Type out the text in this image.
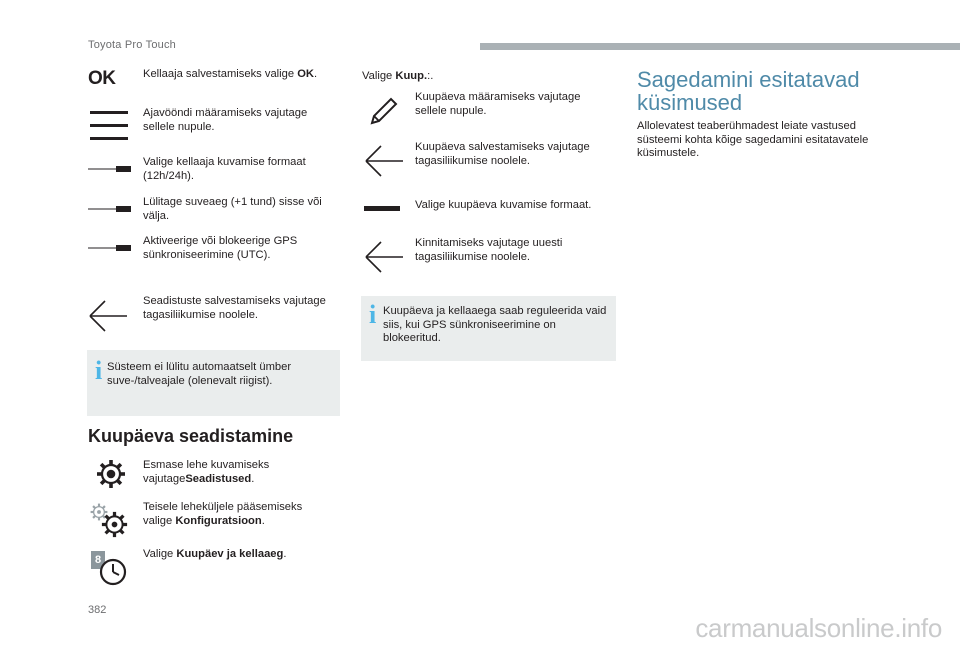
Toyota Pro Touch
OK Kellaaja salvestamiseks valige OK.
Ajavööndi määramiseks vajutage sellele nupule.
Valige kellaaja kuvamise formaat (12h/24h).
Lülitage suveaeg (+1 tund) sisse või välja.
Aktiveerige või blokeerige GPS sünkroniseerimine (UTC).
Seadistuste salvestamiseks vajutage tagasiliikumise noolele.
i Süsteem ei lülitu automaatselt ümber suve-/talveajale (olenevalt riigist).
Kuupäeva seadistamine
Esmase lehe kuvamiseks vajutageSeadistused.
Teisele leheküljele pääsemiseks valige Konfiguratsioon.
8	Valige Kuupäev ja kellaaeg.
Valige Kuup.:.
Kuupäeva määramiseks vajutage sellele nupule.
Kuupäeva salvestamiseks vajutage tagasiliikumise noolele.
Valige kuupäeva kuvamise formaat.
Kinnitamiseks vajutage uuesti tagasiliikumise noolele.
i Kuupäeva ja kellaaega saab reguleerida vaid siis, kui GPS sünkroniseerimine on blokeeritud.
Sagedamini esitatavad
küsimused
Allolevatest teaberühmadest leiate vastused süsteemi kohta kõige sagedamini esitatavatele küsimustele.
382
carmanualsonline.info
